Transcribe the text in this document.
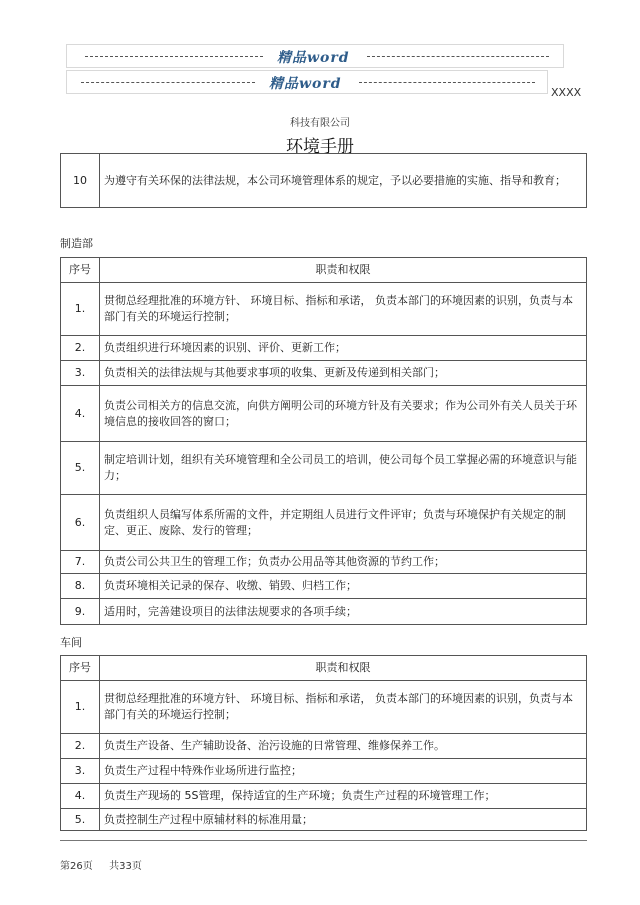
精品word
精品word
XXXX
科技有限公司
环境手册
10	为遵守有关环保的法律法规，本公司环境管理体系的规定，予以必要措施的实施、指导和教育；
制造部
序号	职责和权限
1.	贯彻总经理批准的环境方针、 环境目标、指标和承诺， 负责本部门的环境因素的识别，负责与本部门有关的环境运行控制；
2.	负责组织进行环境因素的识别、评价、更新工作；
3.	负责相关的法律法规与其他要求事项的收集、更新及传递到相关部门；
4.	负责公司相关方的信息交流，向供方阐明公司的环境方针及有关要求；作为公司外有关人员关于环境信息的接收回答的窗口；
5.	制定培训计划，组织有关环境管理和全公司员工的培训，使公司每个员工掌握必需的环境意识与能力；
6.	负责组织人员编写体系所需的文件，并定期组人员进行文件评审；负责与环境保护有关规定的制定、更正、废除、发行的管理；
7.	负责公司公共卫生的管理工作；负责办公用品等其他资源的节约工作；
8.	负责环境相关记录的保存、收缴、销毁、归档工作；
9.	适用时，完善建设项目的法律法规要求的各项手续；
车间
序号	职责和权限
1.	贯彻总经理批准的环境方针、 环境目标、指标和承诺， 负责本部门的环境因素的识别，负责与本部门有关的环境运行控制；
2.	负责生产设备、生产辅助设备、治污设施的日常管理、维修保养工作。
3.	负责生产过程中特殊作业场所进行监控；
4.	负责生产现场的 5S管理，保持适宜的生产环境；负责生产过程的环境管理工作；
5.	负责控制生产过程中原辅材料的标准用量；
第26页 共33页
